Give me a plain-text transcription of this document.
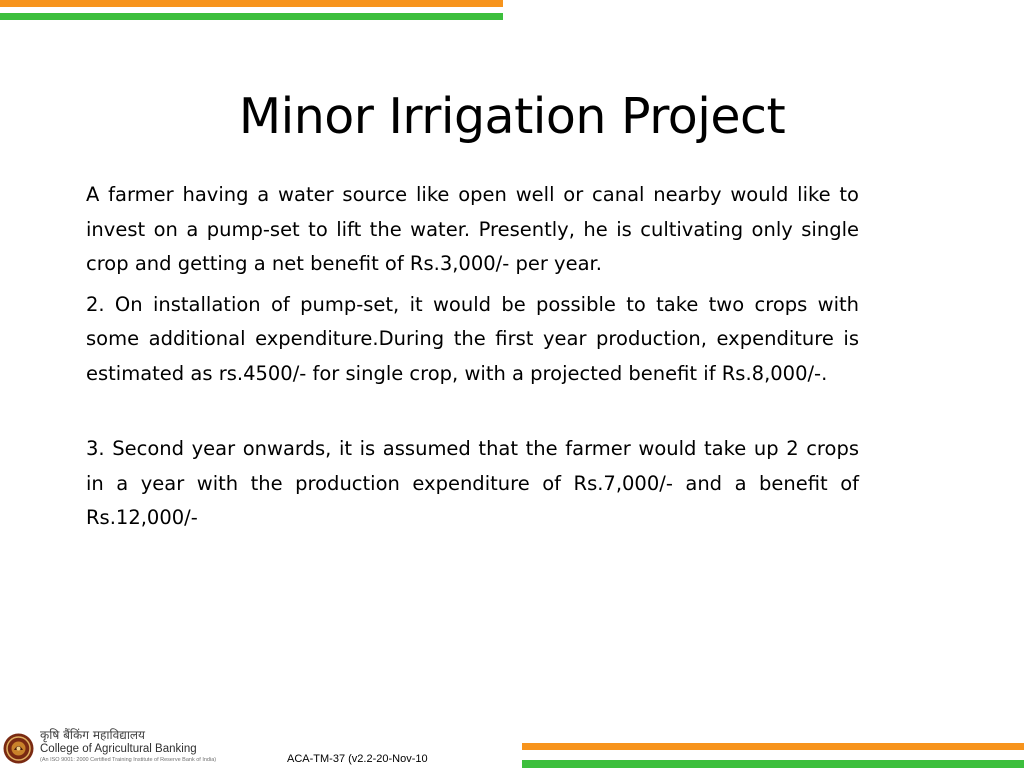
Minor Irrigation Project

A farmer having a water source like open well or canal nearby would like to invest on a pump-set to lift the water. Presently, he is cultivating only single crop and getting a net benefit of Rs.3,000/- per year.

2. On installation of pump-set, it would be possible to take two crops with some additional expenditure.During the first year production, expenditure is estimated as rs.4500/- for single crop, with a projected benefit if Rs.8,000/-.

3. Second year onwards, it is assumed that the farmer would take up 2 crops in a year with the production expenditure of Rs.7,000/- and a benefit of Rs.12,000/-

कृषि बैंकिंग महाविद्यालय
College of Agricultural Banking
(An ISO 9001: 2000 Certified Training Institute of Reserve Bank of India)	ACA-TM-37 (v2.2-20-Nov-10
